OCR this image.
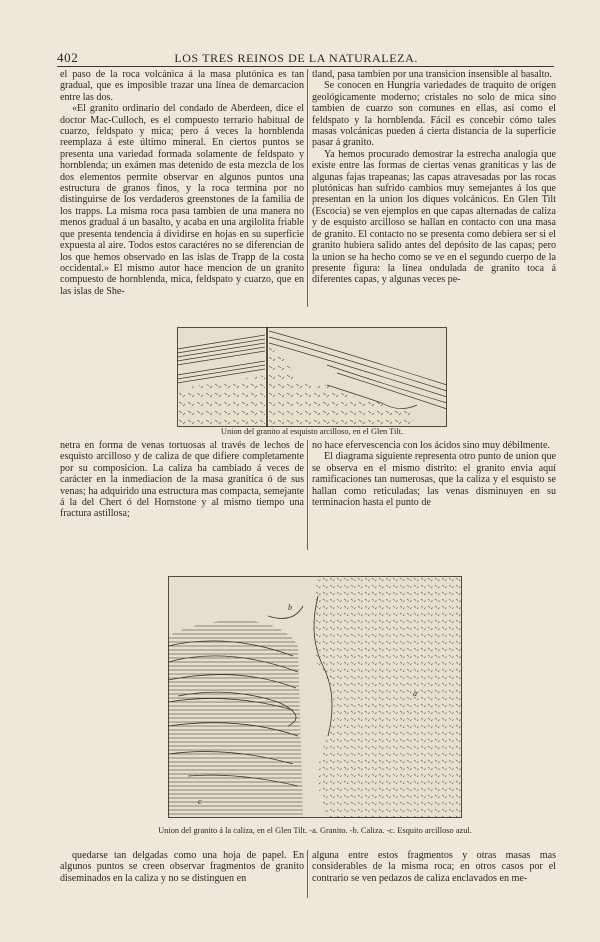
402	LOS TRES REINOS DE LA NATURALEZA.

el paso de la roca volcánica á la masa plutónica es tan gradual, que es imposible trazar una línea de demarcacion entre las dos.

«El granito ordinario del condado de Aberdeen, dice el doctor Mac-Culloch, es el compuesto terrario habitual de cuarzo, feldspato y mica; pero á veces la hornblenda reemplaza á este último mineral. En ciertos puntos se presenta una variedad formada solamente de feldspato y hornblenda; un exámen mas detenido de esta mezcla de los dos elementos permite observar en algunos puntos una estructura de granos finos, y la roca termina por no distinguirse de los verdaderos greenstones de la familia de los trapps. La misma roca pasa tambien de una manera no menos gradual á un basalto, y acaba en una argilolita friable que presenta tendencia á dividirse en hojas en su superficie expuesta al aire. Todos estos caractéres no se diferencian de los que hemos observado en las islas de Trapp de la costa occidental.» El mismo autor hace mencion de un granito compuesto de hornblenda, mica, feldspato y cuarzo, que en las islas de She-

tland, pasa tambien por una transicion insensible al basalto.

Se conocen en Hungria variedades de traquito de orígen geológicamente moderno; cristales no solo de mica sino tambien de cuarzo son comunes en ellas, así como el feldspato y la hornblenda. Fácil es concebir cómo tales masas volcánicas pueden á cierta distancia de la superficie pasar á granito.

Ya hemos procurado demostrar la estrecha analogía que existe entre las formas de ciertas venas graníticas y las de algunas fajas trapeanas; las capas atravesadas por las rocas plutónicas han sufrido cambios muy semejantes á los que presentan en la union los diques volcánicos. En Glen Tilt (Escocia) se ven ejemplos en que capas alternadas de caliza y de esquisto arcilloso se hallan en contacto con una masa de granito. El contacto no se presenta como debiera ser si el granito hubiera salido antes del depósito de las capas; pero la union se ha hecho como se ve en el segundo cuerpo de la presente figura: la línea ondulada de granito toca á diferentes capas, y algunas veces pe-

Union del granito al esquisto arcilloso, en el Glen Tilt.

netra en forma de venas tortuosas al través de lechos de esquisto arcilloso y de caliza de que difiere completamente por su composicion. La caliza ha cambiado á veces de carácter en la inmediacion de la masa granítica ó de sus venas; ha adquirido una estructura mas compacta, semejante á la del Chert ó del Hornstone y al mismo tiempo una fractura astillosa;

no hace efervescencia con los ácidos sino muy débilmente.

El diagrama siguiente representa otro punto de union que se observa en el mismo distrito: el granito envia aquí ramificaciones tan numerosas, que la caliza y el esquisto se hallan como reticuladas; las venas disminuyen en su terminacion hasta el punto de

b
a
c
Union del granito á la caliza, en el Glen Tilt. -a. Granito. -b. Caliza. -c. Esquito arcilloso azul.

quedarse tan delgadas como una hoja de papel. En algunos puntos se creen observar fragmentos de granito diseminados en la caliza y no se distinguen en

alguna entre estos fragmentos y otras masas mas considerables de la misma roca; en otros casos por el contrario se ven pedazos de caliza enclavados en me-
